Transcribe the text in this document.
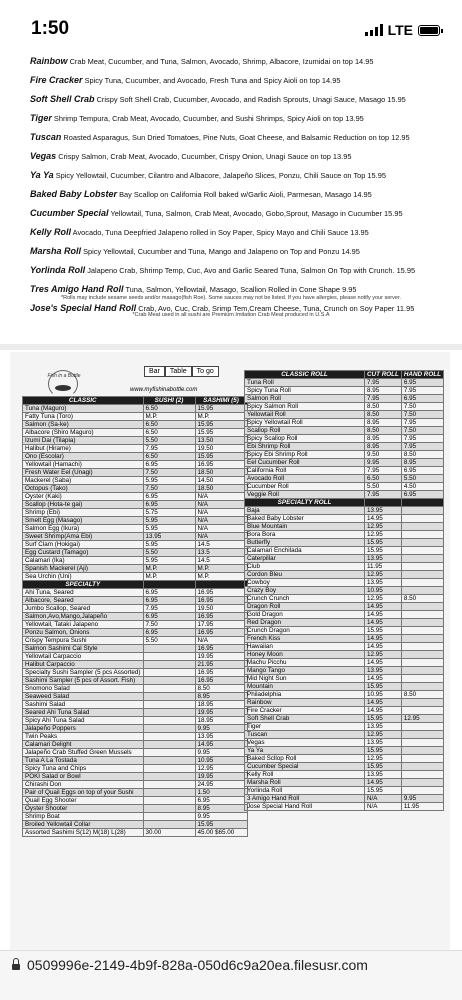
1:50	LTE
Rainbow Crab Meat, Cucumber, and Tuna, Salmon, Avocado, Shrimp, Albacore, Izumidai on top 14.95
Fire Cracker Spicy Tuna, Cucumber, and Avocado, Fresh Tuna and Spicy Aioli on top 14.95
Soft Shell Crab Crispy Soft Shell Crab, Cucumber, Avocado, and Radish Sprouts, Unagi Sauce, Masago 15.95
Tiger Shrimp Tempura, Crab Meat, Avocado, Cucumber, and Sushi Shrimps, Spicy Aioli on top 13.95
Tuscan Roasted Asparagus, Sun Dried Tomatoes, Pine Nuts, Goat Cheese, and Balsamic Reduction on top 12.95
Vegas Crispy Salmon, Crab Meat, Avocado, Cucumber, Crispy Onion, Unagi Sauce on top 13.95
Ya Ya Spicy Yellowtail, Cucumber, Cilantro and Albacore, Jalapeño Slices, Ponzu, Chili Sauce on Top 15.95
Baked Baby Lobster Bay Scallop on California Roll baked w/Garlic Aioli, Parmesan, Masago 14.95
Cucumber Special Yellowtail, Tuna, Salmon, Crab Meat, Avocado, Gobo,Sprout, Masago in Cucumber 15.95
Kelly Roll Avocado, Tuna Deepfried Jalapeno rolled in Soy Paper, Spicy Mayo and Chili Sauce 13.95
Marsha Roll Spicy Yellowtail, Cucumber and Tuna, Mango and Jalapeno on Top and Ponzu 14.95
Yorlinda Roll Jalapeno Crab, Shrimp Temp, Cuc, Avo and Garlic Seared Tuna, Salmon On Top with Crunch. 15.95
Tres Amigo Hand Roll Tuna, Salmon, Yellowtail, Masago, Scallion Rolled in Cone Shape 9.95
Jose's Special Hand Roll Crab, Avo, Cuc, Crab, Srimp Tem,Cream Cheese, Tuna, Crunch on Soy Paper 11.95
*Rolls may include sesame seeds and/or masago(fish Roe). Some sauces may not be listed. If you have allergies, please notify your server.
*Crab Meat used in all sushi are Premium Imitation Crab Meat produced in U.S.A
Fish in a Bottle
Bar	Table	To go
www.myfishinabottle.com
CLASSIC	SUSHI (2)	SASHIMI (5)
Tuna (Maguro)	6.50	15.95
Fatty Tuna (Toro)	M.P.	M.P.
Salmon (Sa-ke)	6.50	15.95
Albacore (Shiro Maguro)	6.50	15.95
Izumi Dai (Tilapia)	5.50	13.50
Halibut (Hirame)	7.95	19.50
Ono (Escolar)	6.50	15.95
Yellowtail (Hamachi)	6.95	16.95
Fresh Water Eel (Unagi)	7.50	18.50
Mackerel (Saba)	5.95	14.50
Octopus (Tako)	7.50	18.50
Oyster (Kaki)	6.95	N/A
Scallop (Hota-te gai)	6.95	N/A
Shrimp (Ebi)	5.75	N/A
Smelt Egg (Masago)	5.95	N/A
Salmon Egg (Ikura)	5.95	N/A
Sweet Shrimp(Ama Ebi)	13.95	N/A
Surf Clam (Hokigai)	5.95	14.5
Egg Custard (Tamago)	5.50	13.5
Calamari (Ika)	5.95	14.5
Spanish Mackerel (Aji)	M.P.	M.P.
Sea Urchin (Uni)	M.P.	M.P.
SPECIALTY		
Ahi Tuna, Seared	6.95	16.95
Albacore, Seared	6.95	16.95
Jumbo Scallop, Seared	7.95	19.50
Salmon,Avo,Mango,Jalapeño	6.95	16.95
Yellowtail, Tataki Jalapeno	7.50	17.95
Ponzu Salmon, Onions	6.95	16.95
Crispy Tempura Sushi	5.50	N/A
Salmon Sashimi Cal Style		16.95
Yellowtail Carpaccio		19.95
Halibut Carpaccio		21.95
Specialty Sushi Sampler (5 pcs Assorted)		16.95
Sashimi Sampler (5 pcs of Assort. Fish)		16.95
Snomono Salad		8.50
Seaweed Salad		8.95
Sashimi Salad		18.95
Seared Ahi Tuna Salad		19.95
Spicy Ahi Tuna Salad		18.95
Jalapeño Poppers		9.95
Twin Peaks		13.95
Calamari Delight		14.95
Jalapeño Crab Stuffed Green Mussels		9.95
Tuna A La Tostada		10.95
Spicy Tuna and Chips		12.95
POKI Salad or Bowl		19.95
Chirashi Don		24.95
Pair of Quail Eggs on top of your Sushi		1.50
Quail Egg Shooter		6.95
Oyster Shooter		8.95
Shrimp Boat		9.95
Broiled Yellowtail Collar		15.95
Assorted Sashimi S(12) M(18) L(28)	30.00	45.00 $65.00
CLASSIC ROLL	CUT ROLL	HAND ROLL
Tuna Roll	7.95	6.95
Spicy Tuna Roll	8.95	7.95
Salmon Roll	7.95	6.95
Spicy Salmon Roll	8.50	7.50
Yellowtail Roll	8.50	7.50
Spicy Yellowtail Roll	8.95	7.95
Scallop Roll	8.50	7.50
Spicy Scallop Roll	8.95	7.95
Ebi Shrimp Roll	8.95	7.95
Spicy Ebi Shrimp Roll	9.50	8.50
Eel Cucumber Roll	9.95	8.95
California Roll	7.95	6.95
Avocado Roll	6.50	5.50
Cucumber Roll	5.50	4.50
Veggie Roll	7.95	6.95
SPECIALTY ROLL		
Baja	13.95	
Baked Baby Lobster	14.95	
Blue Mountain	12.95	
Bora Bora	12.95	
Butterfly	15.95	
Calamari Enchilada	15.95	
Caterpillar	13.95	
Club	11.95	
Cordon Bleu	12.95	
Cowboy	13.95	
Crazy Boy	10.95	
Crunch Crunch	12.95	8.50
Dragon Roll	14.95	
Gold Dragon	14.95	
Red Dragon	14.95	
Crunch Dragon	15.95	
French Kiss	14.95	
Hawaiian	14.95	
Honey Moon	12.95	
Machu Picchu	14.95	
Mango Tango	13.95	
Mid Night Sun	14.95	
Mountain	15.95	
Philadelphia	10.95	8.50
Rainbow	14.95	
Fire Cracker	14.95	
Soft Shell Crab	15.95	12.95
Tiger	13.95	
Tuscan	12.95	
Vegas	13.95	
Ya Ya	15.95	
Baked Scllop Roll	12.95	
Cucumber Special	15.95	
Kelly Roll	13.95	
Marsha Roll	14.95	
Yorlinda Roll	15.95	
3 Amigo Hand Roll	N/A	9.95
Jose Special Hand Roll	N/A	11.95
0509996e-2149-4b9f-828a-050d6c9a20ea.filesusr.com
